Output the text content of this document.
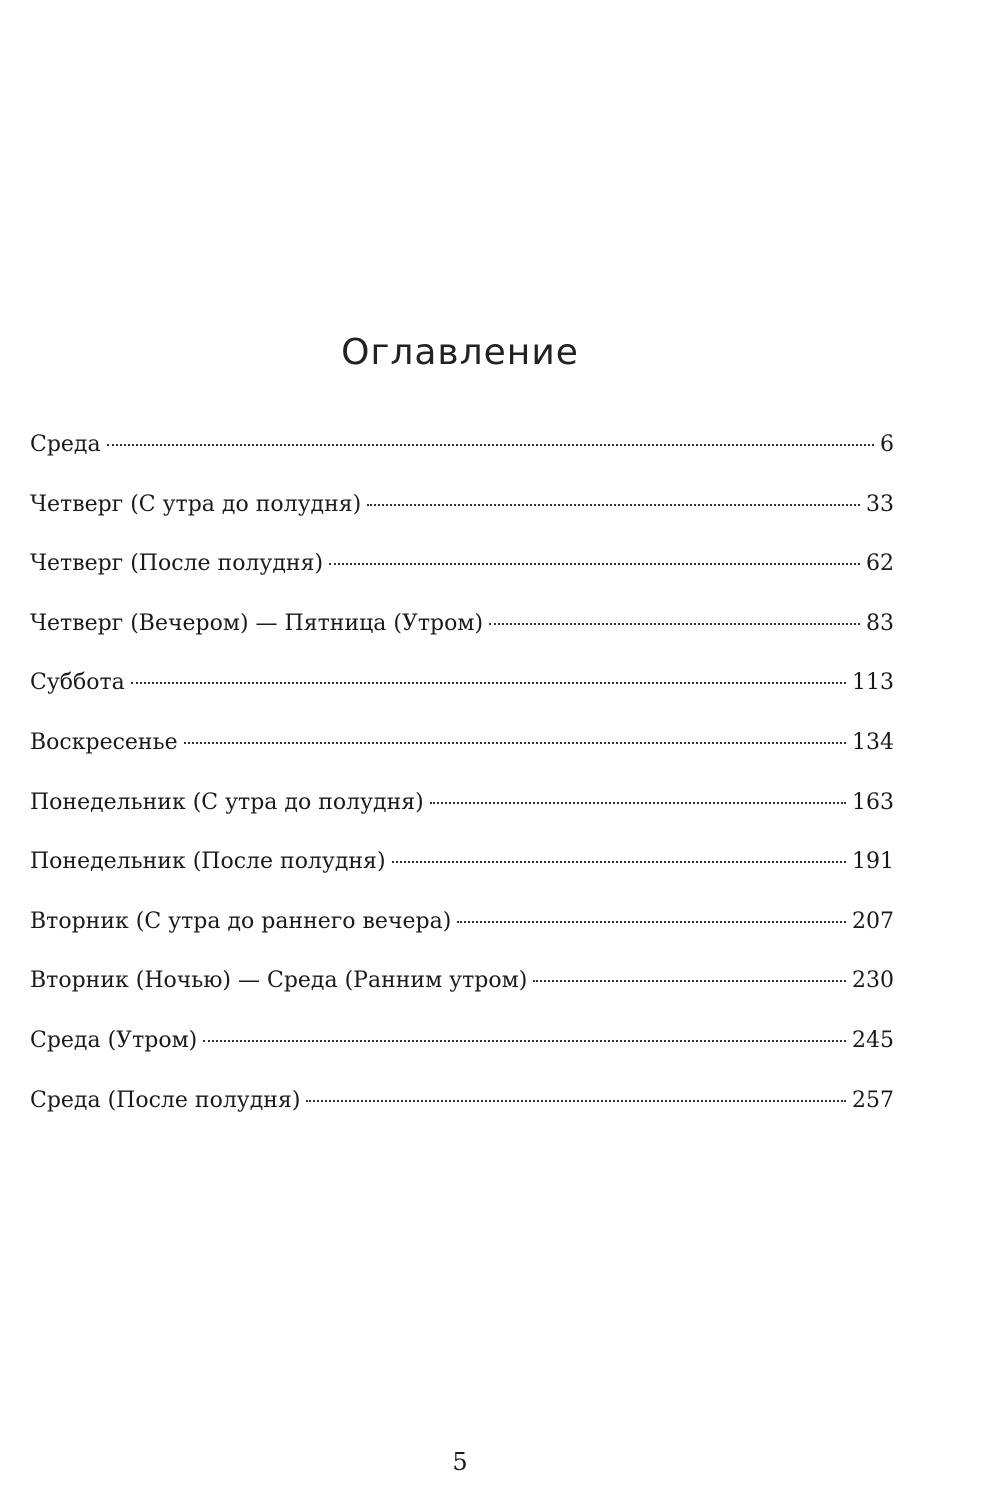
Оглавление
Среда	6
Четверг (С утра до полудня)	33
Четверг (После полудня)	62
Четверг (Вечером) — Пятница (Утром)	83
Суббота	113
Воскресенье	134
Понедельник (С утра до полудня)	163
Понедельник (После полудня)	191
Вторник (С утра до раннего вечера)	207
Вторник (Ночью) — Среда (Ранним утром)	230
Среда (Утром)	245
Среда (После полудня)	257
5
